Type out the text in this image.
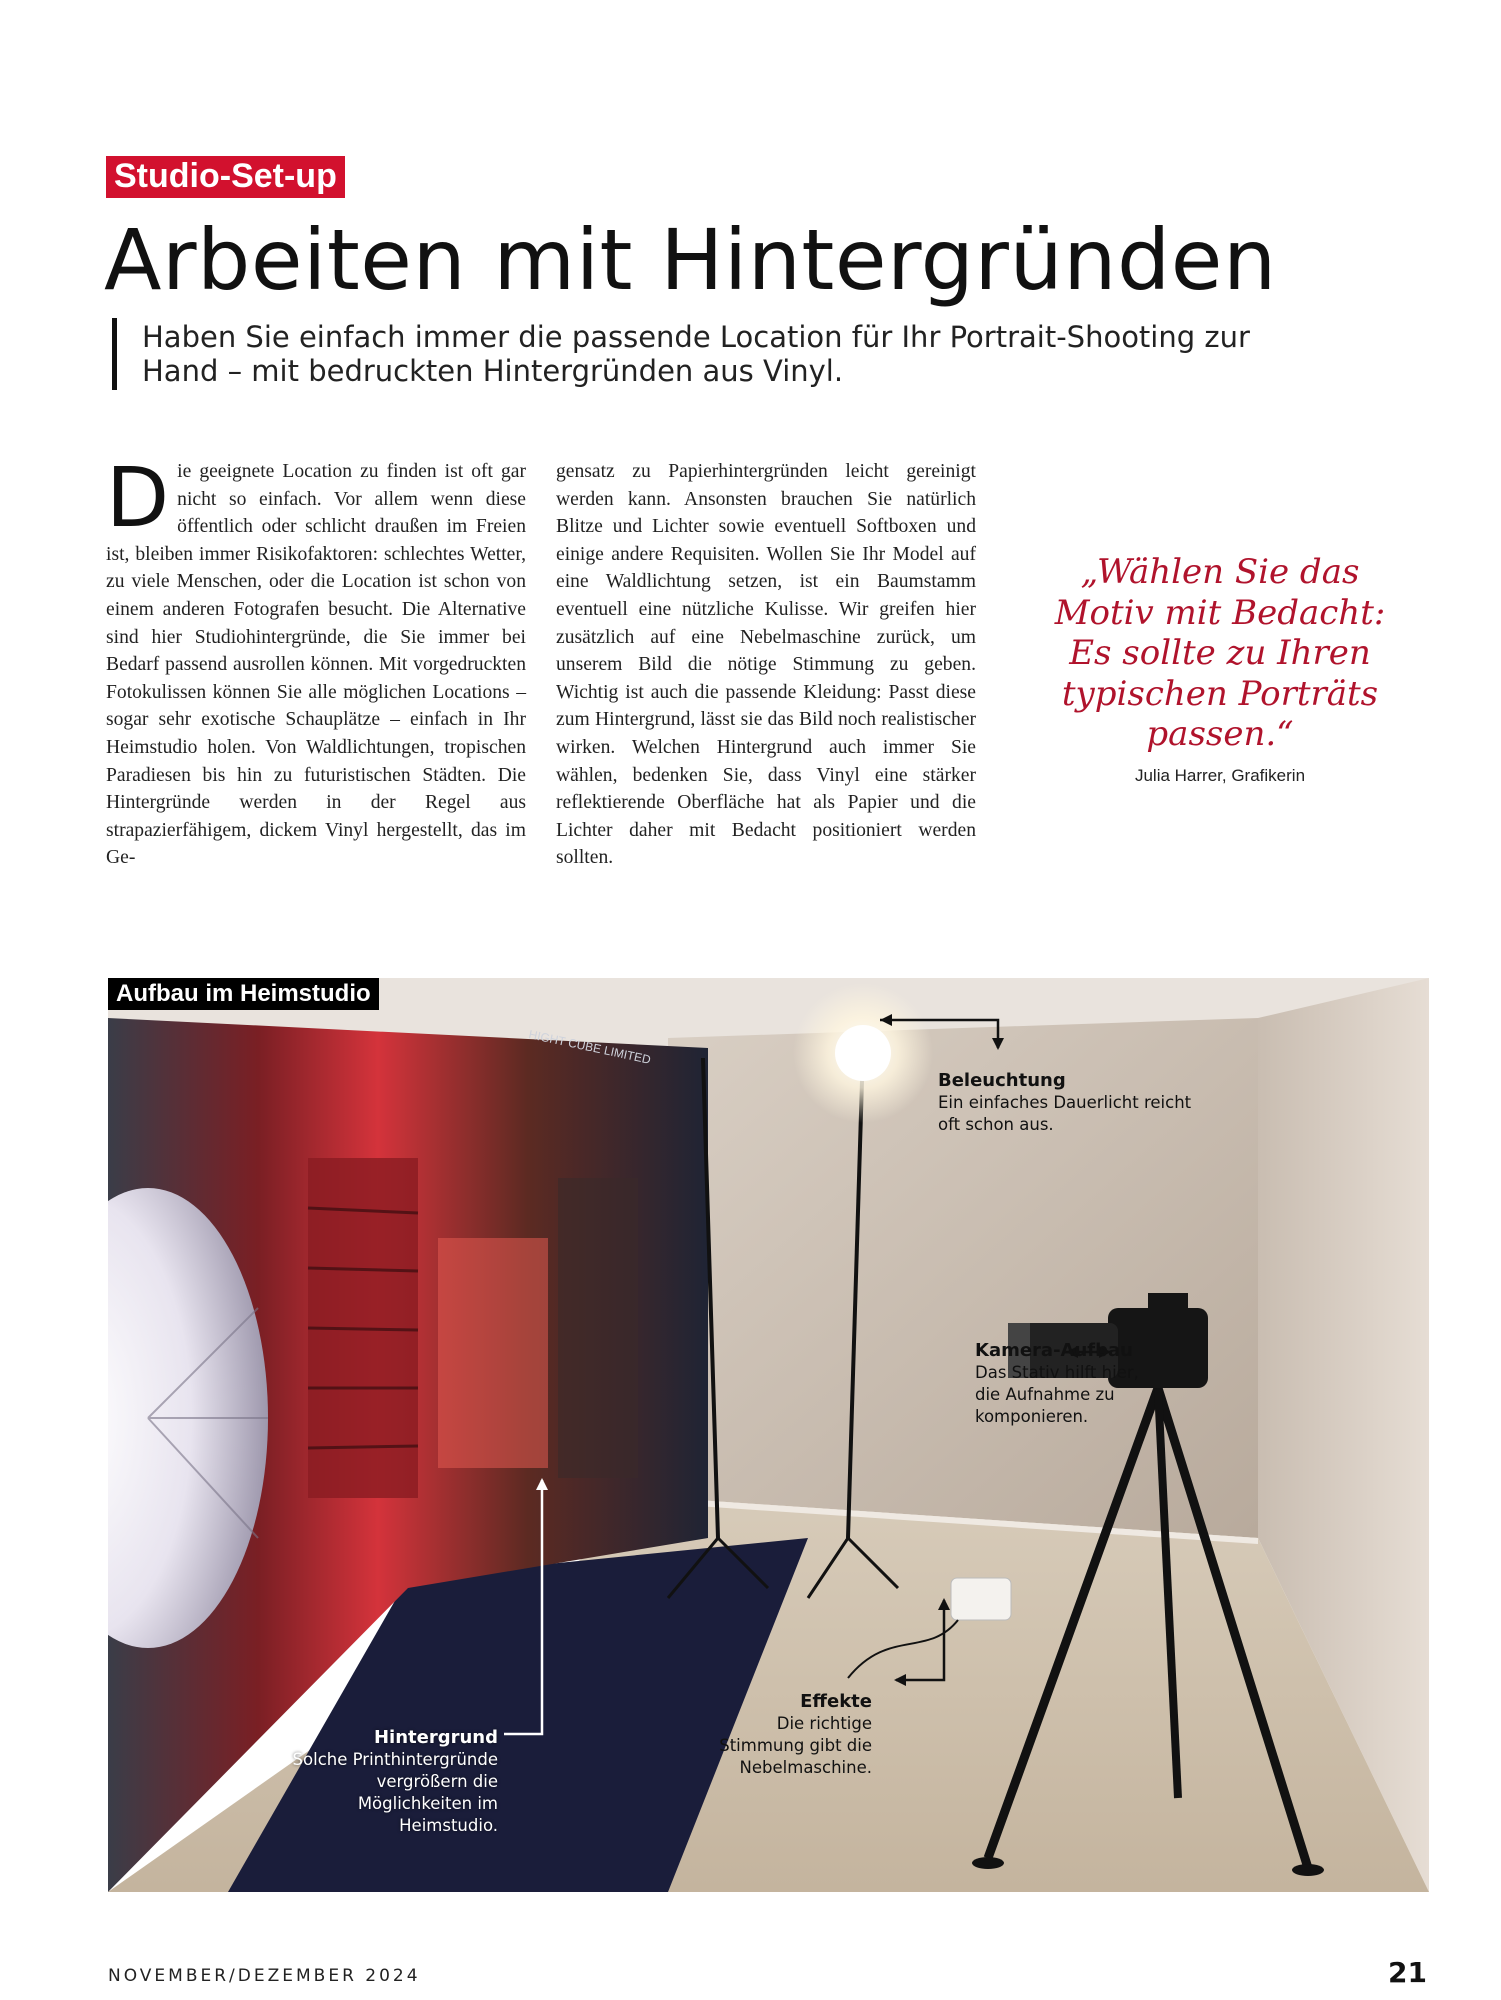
Studio-Set-up
Arbeiten mit Hintergründen
Haben Sie einfach immer die passende Location für Ihr Portrait-Shooting zur Hand – mit bedruckten Hintergründen aus Vinyl.
D ie geeignete Location zu finden ist oft gar nicht so einfach. Vor allem wenn diese öffentlich oder schlicht draußen im Freien ist, bleiben immer Risikofaktoren: schlechtes Wetter, zu viele Menschen, oder die Location ist schon von einem anderen Fotografen besucht. Die Alternative sind hier Studiohintergründe, die Sie immer bei Bedarf passend ausrollen können. Mit vorgedruckten Fotokulissen können Sie alle möglichen Locations – sogar sehr exotische Schauplätze – einfach in Ihr Heimstudio holen. Von Waldlichtungen, tropischen Paradiesen bis hin zu futuristischen Städten. Die Hintergründe werden in der Regel aus strapazierfähigem, dickem Vinyl hergestellt, das im Ge-
gensatz zu Papierhintergründen leicht gereinigt werden kann. Ansonsten brauchen Sie natürlich Blitze und Lichter sowie eventuell Softboxen und einige andere Requisiten. Wollen Sie Ihr Model auf eine Waldlichtung setzen, ist ein Baumstamm eventuell eine nützliche Kulisse. Wir greifen hier zusätzlich auf eine Nebelmaschine zurück, um unserem Bild die nötige Stimmung zu geben. Wichtig ist auch die passende Kleidung: Passt diese zum Hintergrund, lässt sie das Bild noch realistischer wirken. Welchen Hintergrund auch immer Sie wählen, bedenken Sie, dass Vinyl eine stärker reflektierende Oberfläche hat als Papier und die Lichter daher mit Bedacht positioniert werden sollten.
„Wählen Sie das Motiv mit Bedacht: Es sollte zu Ihren typischen Porträts passen.“
Julia Harrer, Grafikerin
HIGHT CUBE LIMITED
Aufbau im Heimstudio
Beleuchtung
Ein einfaches Dauerlicht reicht oft schon aus.
Kamera-Aufbau
Das Stativ hilft hier, die Aufnahme zu komponieren.
Effekte
Die richtige Stimmung gibt die Nebelmaschine.
Hintergrund
Solche Printhintergründe vergrößern die Möglichkeiten im Heimstudio.
NOVEMBER/DEZEMBER 2024	21
